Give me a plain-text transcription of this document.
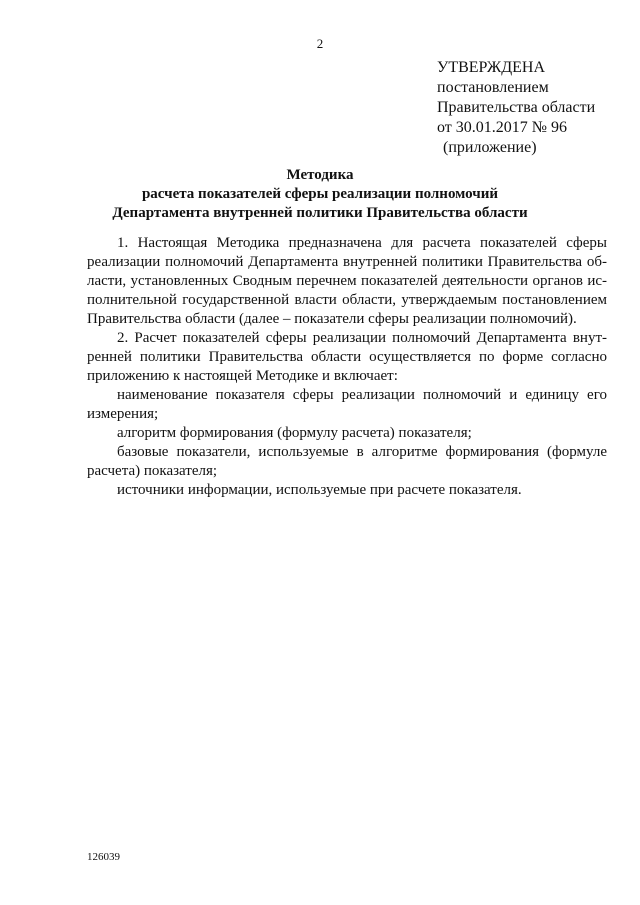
2
УТВЕРЖДЕНА
постановлением
Правительства области
от 30.01.2017 № 96
(приложение)
Методика
расчета показателей сферы реализации полномочий
Департамента внутренней политики Правительства области

1. Настоящая Методика предназначена для расчета показателей сферы
реализации полномочий Департамента внутренней политики Правительства об-
ласти, установленных Сводным перечнем показателей деятельности органов ис-
полнительной государственной власти области, утверждаемым постановлением
Правительства области (далее – показатели сферы реализации полномочий).

2. Расчет показателей сферы реализации полномочий Департамента внут-
ренней политики Правительства области осуществляется по форме согласно
приложению к настоящей Методике и включает:

наименование показателя сферы реализации полномочий и единицу его
измерения;

алгоритм формирования (формулу расчета) показателя;

базовые показатели, используемые в алгоритме формирования (формуле
расчета) показателя;

источники информации, используемые при расчете показателя.

126039
